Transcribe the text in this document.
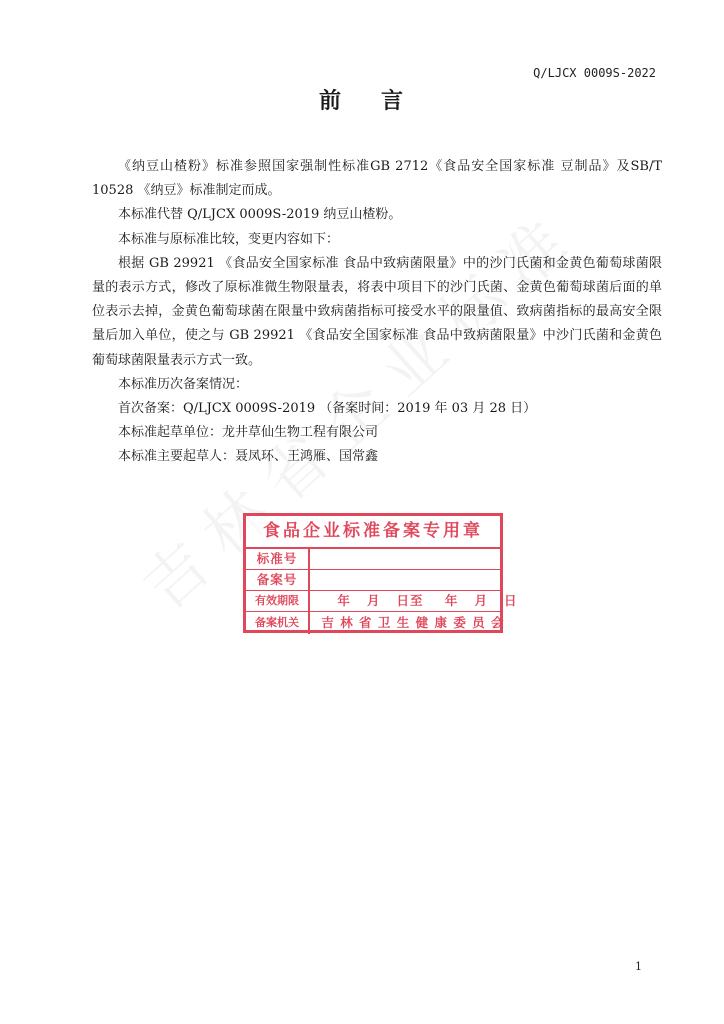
Q/LJCX 0009S-2022
前 言

《纳豆山楂粉》标准参照国家强制性标准GB 2712《食品安全国家标准 豆制品》及SB/T 10528 《纳豆》标准制定而成。

本标准代替 Q/LJCX 0009S-2019 纳豆山楂粉。

本标准与原标准比较，变更内容如下：

根据 GB 29921 《食品安全国家标准 食品中致病菌限量》中的沙门氏菌和金黄色葡萄球菌限量的表示方式，修改了原标准微生物限量表，将表中项目下的沙门氏菌、金黄色葡萄球菌后面的单位表示去掉，金黄色葡萄球菌在限量中致病菌指标可接受水平的限量值、致病菌指标的最高安全限量后加入单位，使之与 GB 29921 《食品安全国家标准 食品中致病菌限量》中沙门氏菌和金黄色葡萄球菌限量表示方式一致。

本标准历次备案情况：

首次备案：Q/LJCX 0009S-2019 （备案时间：2019 年 03 月 28 日）

本标准起草单位：龙井草仙生物工程有限公司

本标准主要起草人：聂凤环、王鸿雁、国常鑫

食品企业标准备案专用章
标准号
备案号
有效期限	年   月   日至    年   月   日
备案机关	吉 林 省 卫 生 健 康 委 员 会
1
